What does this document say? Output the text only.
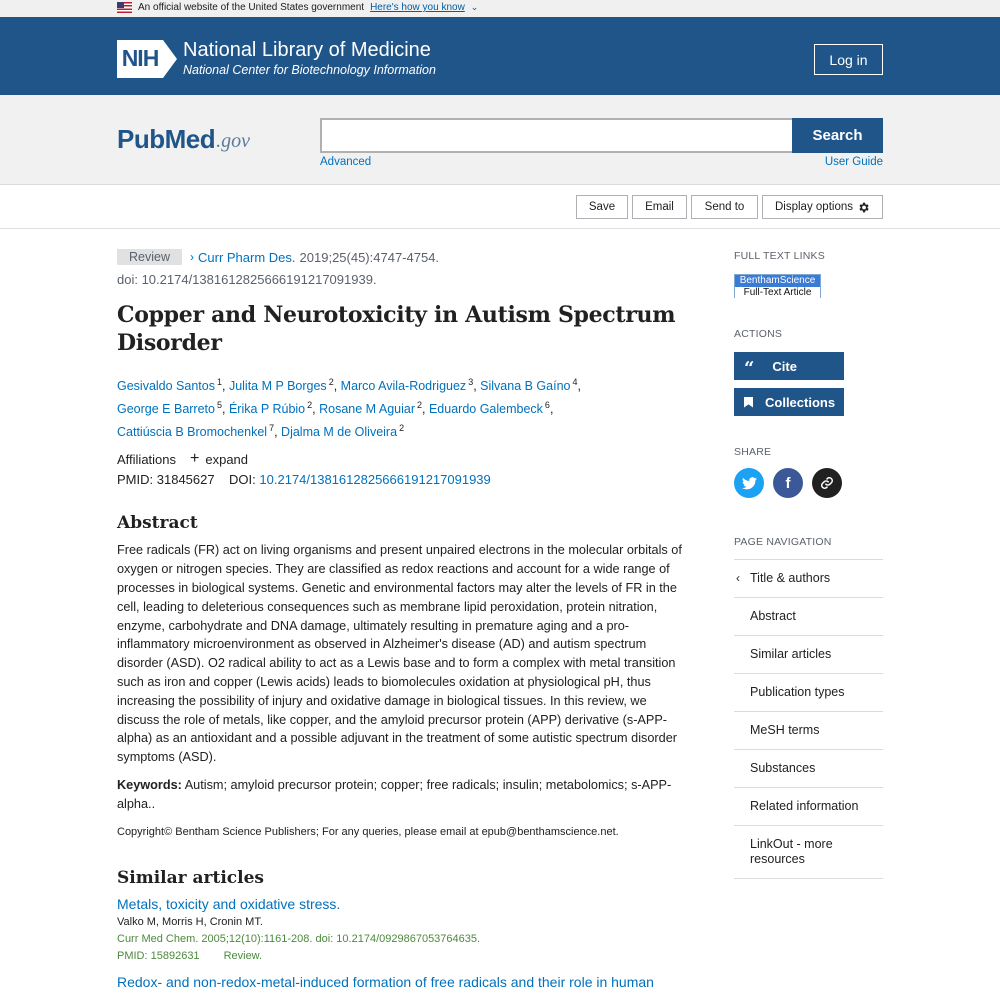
An official website of the United States government Here's how you know ⌄
NIH National Library of Medicine
National Center for Biotechnology Information
Log in
Pub Med .gov	Search
Advanced	User Guide
Save	Email	Send to	Display options
Review	› Curr Pharm Des. 2019;25(45):4747-4754.
doi: 10.2174/1381612825666191217091939.
Copper and Neurotoxicity in Autism Spectrum Disorder
Gesivaldo Santos $^1$, Julita M P Borges $^2$, Marco Avila-Rodriguez $^3$, Silvana B Gaíno $^4$,
George E Barreto $^5$, Érika P Rúbio $^2$, Rosane M Aguiar $^2$, Eduardo Galembeck $^6$,
Cattiúscia B Bromochenkel $^7$, Djalma M de Oliveira $^2$
Affiliations + expand
PMID: 31845627 DOI: 10.2174/1381612825666191217091939
Abstract

Free radicals (FR) act on living organisms and present unpaired electrons in the molecular orbitals of oxygen or nitrogen species. They are classified as redox reactions and account for a wide range of processes in biological systems. Genetic and environmental factors may alter the levels of FR in the cell, leading to deleterious consequences such as membrane lipid peroxidation, protein nitration, enzyme, carbohydrate and DNA damage, ultimately resulting in premature aging and a pro-inflammatory microenvironment as observed in Alzheimer's disease (AD) and autism spectrum disorder (ASD). O2 radical ability to act as a Lewis base and to form a complex with metal transition such as iron and copper (Lewis acids) leads to biomolecules oxidation at physiological pH, thus increasing the possibility of injury and oxidative damage in biological tissues. In this review, we discuss the role of metals, like copper, and the amyloid precursor protein (APP) derivative (s-APP-alpha) as an antioxidant and a possible adjuvant in the treatment of some autistic spectrum disorder symptoms (ASD).

Keywords: Autism; amyloid precursor protein; copper; free radicals; insulin; metabolomics; s-APP-alpha..

Copyright© Bentham Science Publishers; For any queries, please email at epub@benthamscience.net.

Similar articles
Metals, toxicity and oxidative stress.
Valko M, Morris H, Cronin MT.
Curr Med Chem. 2005;12(10):1161-208. doi: 10.2174/0929867053764635.
PMID: 15892631 Review.
Redox- and non-redox-metal-induced formation of free radicals and their role in human
FULL TEXT LINKS
BenthamScience
Full-Text Article
ACTIONS
“ Cite
Collections
SHARE
f
PAGE NAVIGATION
‹ Title & authors
Abstract
Similar articles
Publication types
MeSH terms
Substances
Related information
LinkOut - more resources
